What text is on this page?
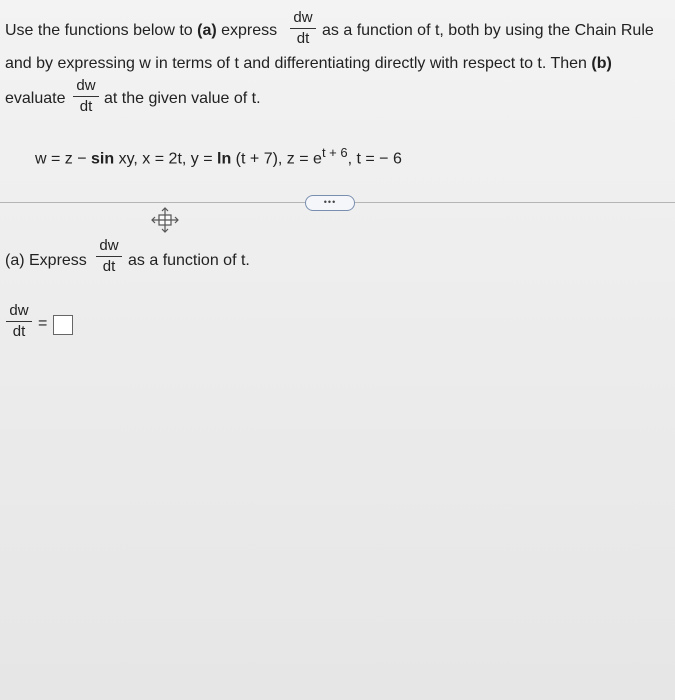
Use the functions below to (a) express
dw
dt as a function of t, both by using the Chain Rule
and by expressing w in terms of t and differentiating directly with respect to t. Then (b)
evaluate
dw
dt at the given value of t.
w = z − sin xy, x = 2t, y = ln (t + 7), $z = e^{t + 6}$, t = − 6
•••
(a) Express
dw
dt as a function of t.
dw
dt =
